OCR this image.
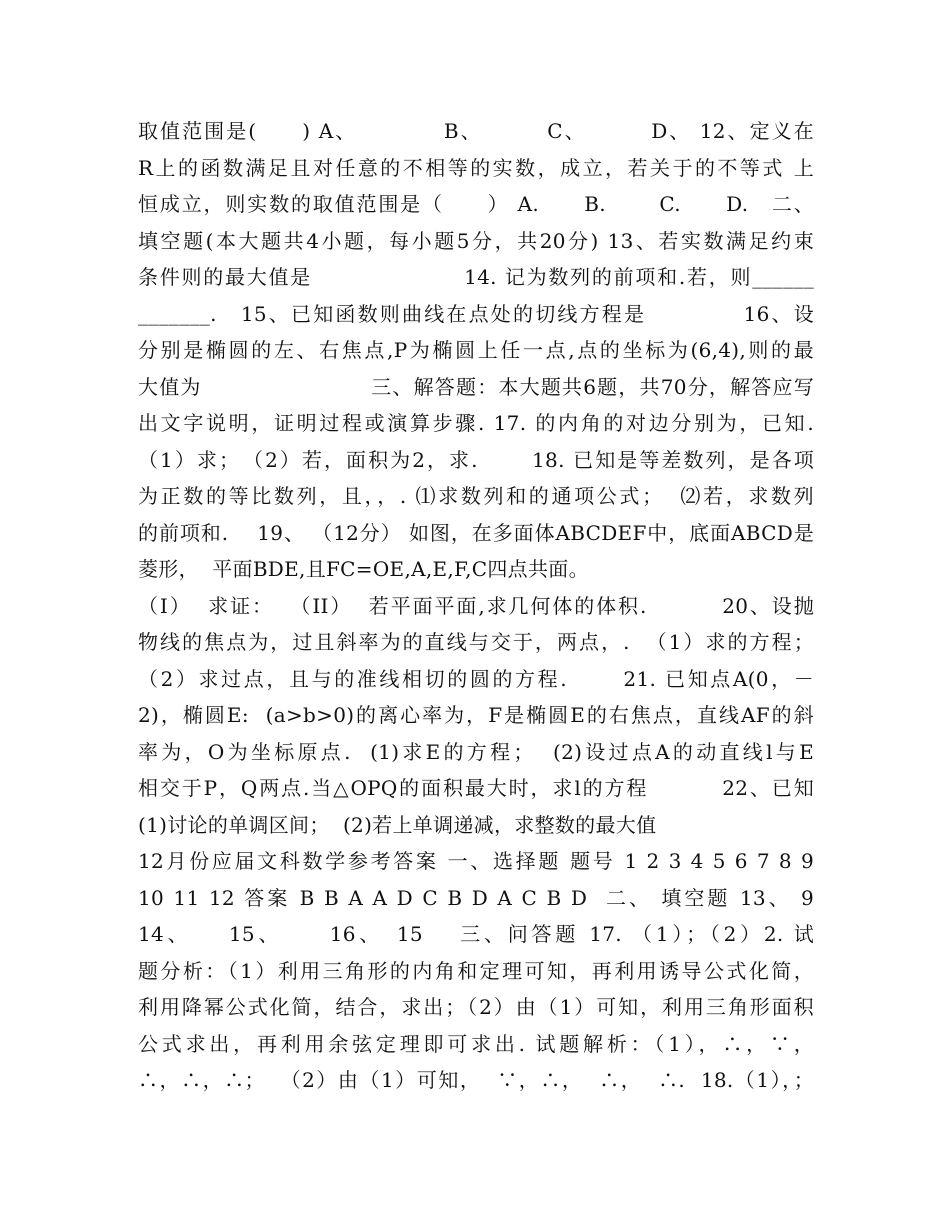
取值范围是(　　) A、　　　　 B、　　　 C、　　　 D、 12、定义在
R上的函数满足且对任意的不相等的实数，成立，若关于的不等式 上
恒成立，则实数的取值范围是（　　） A.　　B.　　 C.　　D.　二、
填空题(本大题共4小题，每小题5分，共20分) 13、若实数满足约束
条件则的最大值是　　　　　　　14. 记为数列的前项和.若，则______
_______.　15、已知函数则曲线在点处的切线方程是　　　　 16、设
分别是椭圆的左、右焦点,P为椭圆上任一点,点的坐标为(6,4),则的最
大值为　　　　　　　　三、解答题：本大题共6题，共70分，解答应写
出文字说明，证明过程或演算步骤. 17. 的内角的对边分别为，已知.
（1）求；　（2）若，面积为2，求.　　 18. 已知是等差数列，是各项
为正数的等比数列，且，，. ⑴求数列和的通项公式；  ⑵若，求数列
的前项和.　 19、 （12分） 如图，在多面体ABCDEF中，底面ABCD是
菱形，  平面BDE,且FC=OE,A,E,F,C四点共面。
（I）  求证：  （II）  若平面平面,求几何体的体积.　　　 20、设抛
物线的焦点为，过且斜率为的直线与交于，两点，.  （1）求的方程；
（2）求过点，且与的准线相切的圆的方程.　　 21. 已知点A(0，－
2)，椭圆E:  (a>b>0)的离心率为，F是椭圆E的右焦点，直线AF的斜
率为，O为坐标原点.  (1)求E的方程；  (2)设过点A的动直线l与E
相交于P，Q两点.当△OPQ的面积最大时，求l的方程　　　 22、已知
(1)讨论的单调区间；  (2)若上单调递减，求整数的最大值
12月份应届文科数学参考答案 一、选择题 题号 1 2 3 4 5 6 7 8 9
10 11 12 答案 B B A A D C B D A C B D  二、 填空题 13、 9
14、　　15、　　 16、　15　 三、问答题 17. （1）；（2）2. 试
题分析：（1）利用三角形的内角和定理可知，再利用诱导公式化简，
利用降幂公式化简，结合，求出；（2）由（1）可知，利用三角形面积
公式求出，再利用余弦定理即可求出. 试题解析：（1），∴，∵，
∴，∴，∴；  （2）由（1）可知，  ∵，∴，  ∴，  ∴.  18.（1），；
